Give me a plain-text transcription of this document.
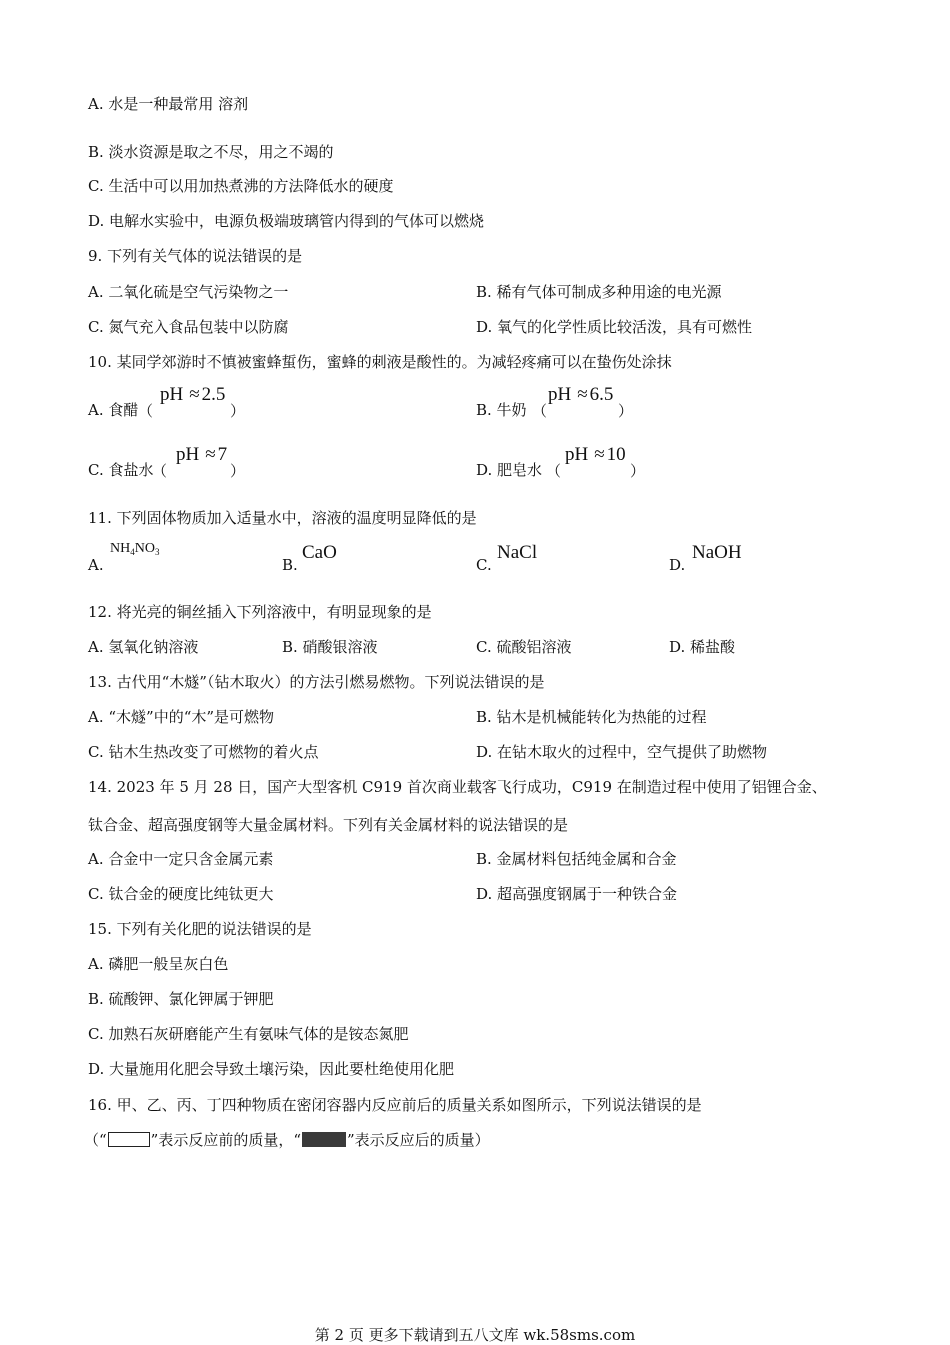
A. 水是一种最常用 溶剂
B. 淡水资源是取之不尽，用之不竭的
C. 生活中可以用加热煮沸的方法降低水的硬度
D. 电解水实验中，电源负极端玻璃管内得到的气体可以燃烧
9. 下列有关气体的说法错误的是
A. 二氧化硫是空气污染物之一	B. 稀有气体可制成多种用途的电光源
C. 氮气充入食品包装中以防腐	D. 氧气的化学性质比较活泼，具有可燃性
10. 某同学郊游时不慎被蜜蜂蜇伤，蜜蜂的刺液是酸性的。为减轻疼痛可以在蛰伤处涂抹
A. 食醋 （
pH ≈ 2.5
）	B. 牛奶 （
pH ≈ 6.5
）
C. 食盐水
（
pH ≈ 7
）	D. 肥皂水 （
pH ≈ 10
）
11. 下列固体物质加入适量水中，溶液的温度明显降低的是
A.
$NH_4NO_3$
B.
CaO
C.
NaCl
D.
NaOH
12. 将光亮的铜丝插入下列溶液中，有明显现象的是
A. 氢氧化钠溶液	B. 硝酸银溶液	C. 硫酸铝溶液	D. 稀盐酸
13. 古代用“木燧”（钻木取火）的方法引燃易燃物。下列说法错误的是
A. “木燧”中的“木”是可燃物	B. 钻木是机械能转化为热能的过程
C. 钻木生热改变了可燃物的着火点	D. 在钻木取火的过程中，空气提供了助燃物
14. 2023 年 5 月 28 日，国产大型客机 C919 首次商业载客飞行成功，C919 在制造过程中使用了铝锂合金、
钛合金、超高强度钢等大量金属材料。下列有关金属材料的说法错误的是
A. 合金中一定只含金属元素	B. 金属材料包括纯金属和合金
C. 钛合金的硬度比纯钛更大	D. 超高强度钢属于一种铁合金
15. 下列有关化肥的说法错误的是
A. 磷肥一般呈灰白色
B. 硫酸钾、氯化钾属于钾肥
C. 加熟石灰研磨能产生有氨味气体的是铵态氮肥
D. 大量施用化肥会导致土壤污染，因此要杜绝使用化肥
16. 甲、乙、丙、丁四种物质在密闭容器内反应前后的质量关系如图所示，下列说法错误的是
（“	”表示反应前的质量，“	”表示反应后的质量）
第 2 页 更多下载请到五八文库 wk.58sms.com
